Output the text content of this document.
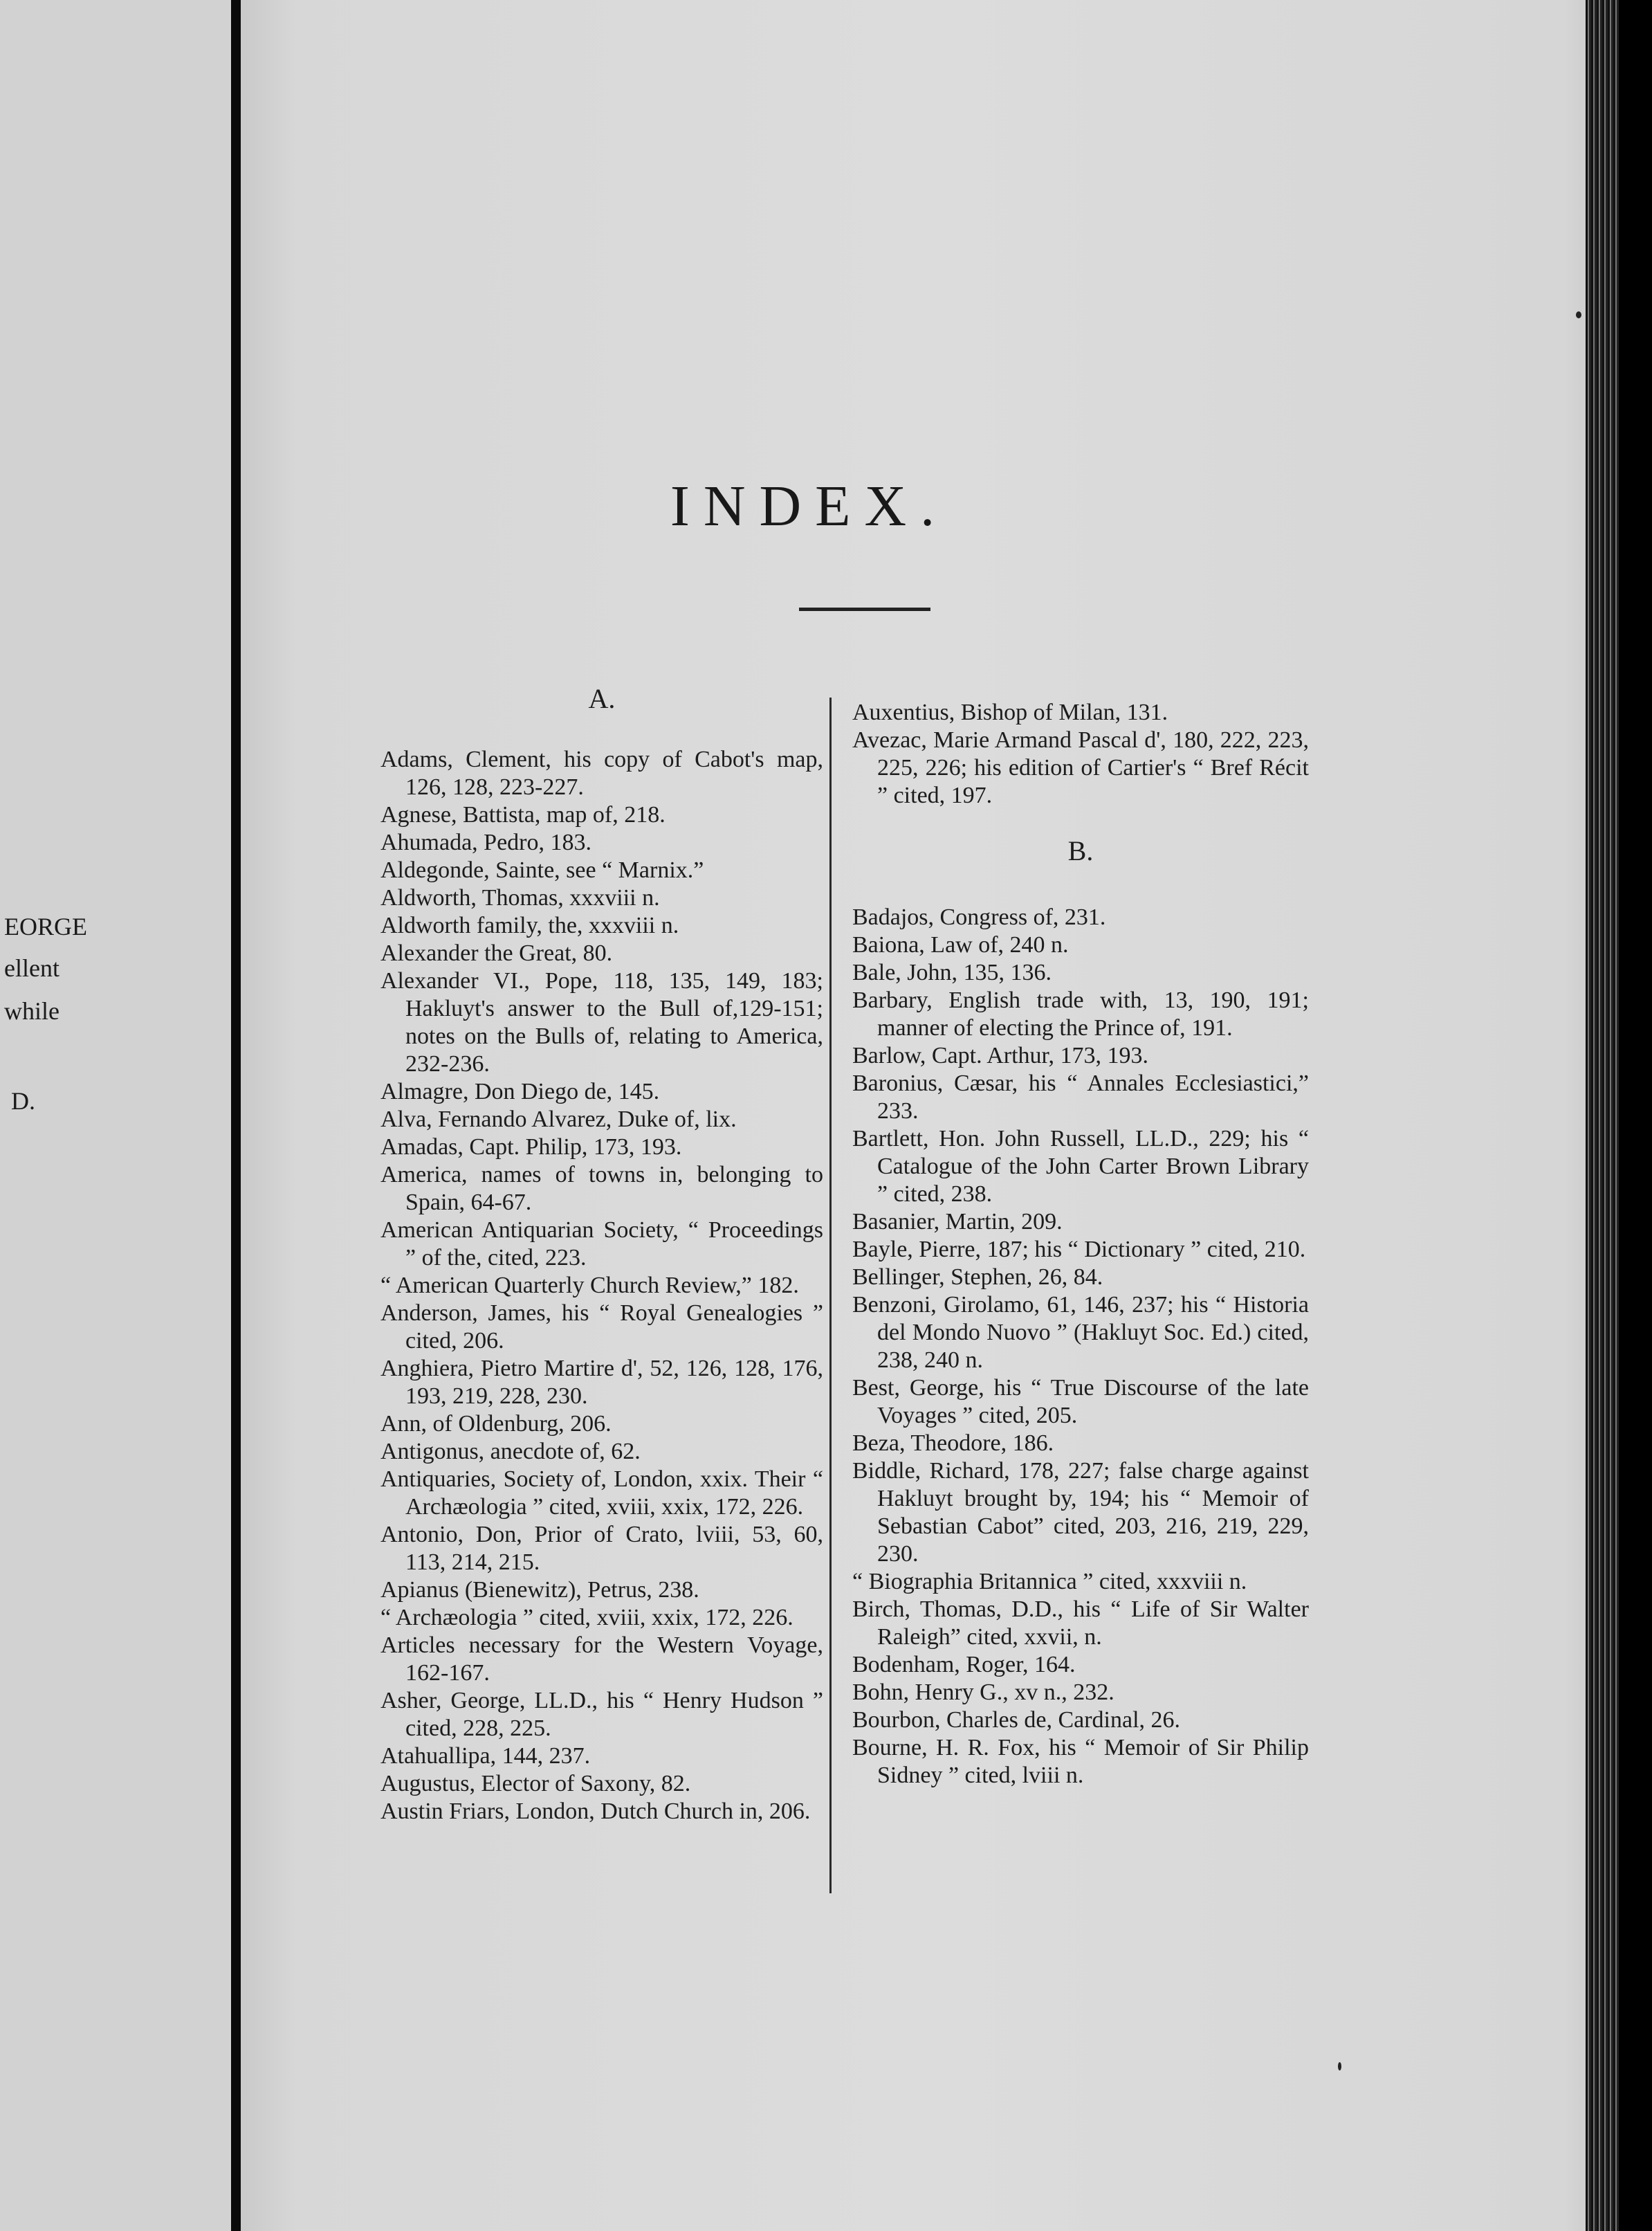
EORGE
ellent
while
D.
INDEX.
A.

Adams, Clement, his copy of Cabot's map, 126, 128, 223-227.

Agnese, Battista, map of, 218.

Ahumada, Pedro, 183.

Aldegonde, Sainte, see “ Marnix.”

Aldworth, Thomas, xxxviii n.

Aldworth family, the, xxxviii n.

Alexander the Great, 80.

Alexander VI., Pope, 118, 135, 149, 183; Hakluyt's answer to the Bull of,129-151; notes on the Bulls of, relating to America, 232-236.

Almagre, Don Diego de, 145.

Alva, Fernando Alvarez, Duke of, lix.

Amadas, Capt. Philip, 173, 193.

America, names of towns in, belonging to Spain, 64-67.

American Antiquarian Society, “ Proceedings ” of the, cited, 223.

“ American Quarterly Church Review,” 182.

Anderson, James, his “ Royal Genealogies ” cited, 206.

Anghiera, Pietro Martire d', 52, 126, 128, 176, 193, 219, 228, 230.

Ann, of Oldenburg, 206.

Antigonus, anecdote of, 62.

Antiquaries, Society of, London, xxix. Their “ Archæologia ” cited, xviii, xxix, 172, 226.

Antonio, Don, Prior of Crato, lviii, 53, 60, 113, 214, 215.

Apianus (Bienewitz), Petrus, 238.

“ Archæologia ” cited, xviii, xxix, 172, 226.

Articles necessary for the Western Voyage, 162-167.

Asher, George, LL.D., his “ Henry Hudson ” cited, 228, 225.

Atahuallipa, 144, 237.

Augustus, Elector of Saxony, 82.

Austin Friars, London, Dutch Church in, 206.

Auxentius, Bishop of Milan, 131.

Avezac, Marie Armand Pascal d', 180, 222, 223, 225, 226; his edition of Cartier's “ Bref Récit ” cited, 197.

B.

Badajos, Congress of, 231.

Baiona, Law of, 240 n.

Bale, John, 135, 136.

Barbary, English trade with, 13, 190, 191; manner of electing the Prince of, 191.

Barlow, Capt. Arthur, 173, 193.

Baronius, Cæsar, his “ Annales Ecclesiastici,” 233.

Bartlett, Hon. John Russell, LL.D., 229; his “ Catalogue of the John Carter Brown Library ” cited, 238.

Basanier, Martin, 209.

Bayle, Pierre, 187; his “ Dictionary ” cited, 210.

Bellinger, Stephen, 26, 84.

Benzoni, Girolamo, 61, 146, 237; his “ Historia del Mondo Nuovo ” (Hakluyt Soc. Ed.) cited, 238, 240 n.

Best, George, his “ True Discourse of the late Voyages ” cited, 205.

Beza, Theodore, 186.

Biddle, Richard, 178, 227; false charge against Hakluyt brought by, 194; his “ Memoir of Sebastian Cabot” cited, 203, 216, 219, 229, 230.

“ Biographia Britannica ” cited, xxxviii n.

Birch, Thomas, D.D., his “ Life of Sir Walter Raleigh” cited, xxvii, n.

Bodenham, Roger, 164.

Bohn, Henry G., xv n., 232.

Bourbon, Charles de, Cardinal, 26.

Bourne, H. R. Fox, his “ Memoir of Sir Philip Sidney ” cited, lviii n.
